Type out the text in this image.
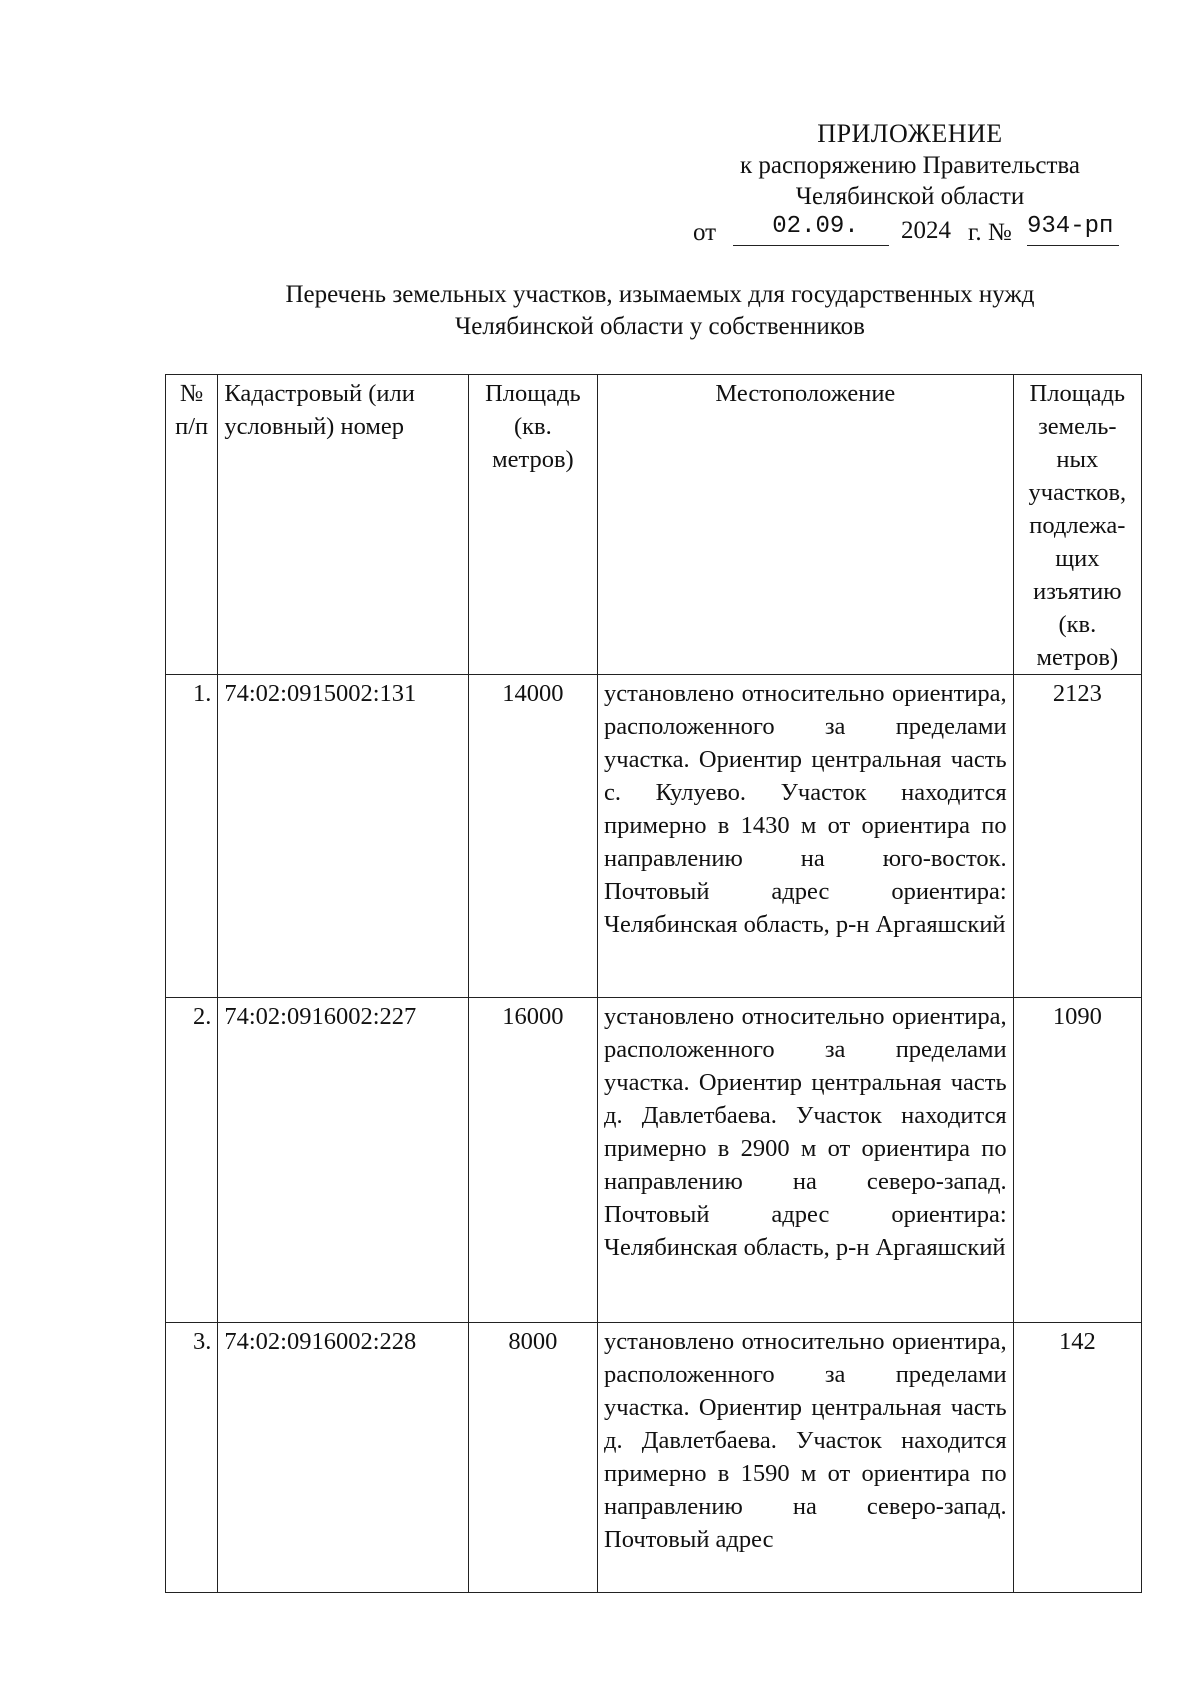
ПРИЛОЖЕНИЕ
к распоряжению Правительства
Челябинской области
от	02.09.	2024 г. № 934-рп
Перечень земельных участков, изымаемых для государственных нужд
Челябинской области у собственников
№ п/п	Кадастровый (или условный) номер	Площадь (кв. метров)	Местоположение	Площадь земель-ных участков, подлежа-щих изъятию (кв. метров)
1.	74:02:0915002:131	14000	установлено относительно ориентира, расположенного за пределами участка. Ориентир центральная часть с. Кулуево. Участок находится примерно в 1430 м от ориентира по направлению на юго-восток. Почтовый адрес ориентира: Челябинская область, р-н Аргаяшский	2123
2.	74:02:0916002:227	16000	установлено относительно ориентира, расположенного за пределами участка. Ориентир центральная часть д. Давлетбаева. Участок находится примерно в 2900 м от ориентира по направлению на северо-запад. Почтовый адрес ориентира: Челябинская область, р-н Аргаяшский	1090
3.	74:02:0916002:228	8000	установлено относительно ориентира, расположенного за пределами участка. Ориентир центральная часть д. Давлетбаева. Участок находится примерно в 1590 м от ориентира по направлению на северо-запад. Почтовый адрес	142
